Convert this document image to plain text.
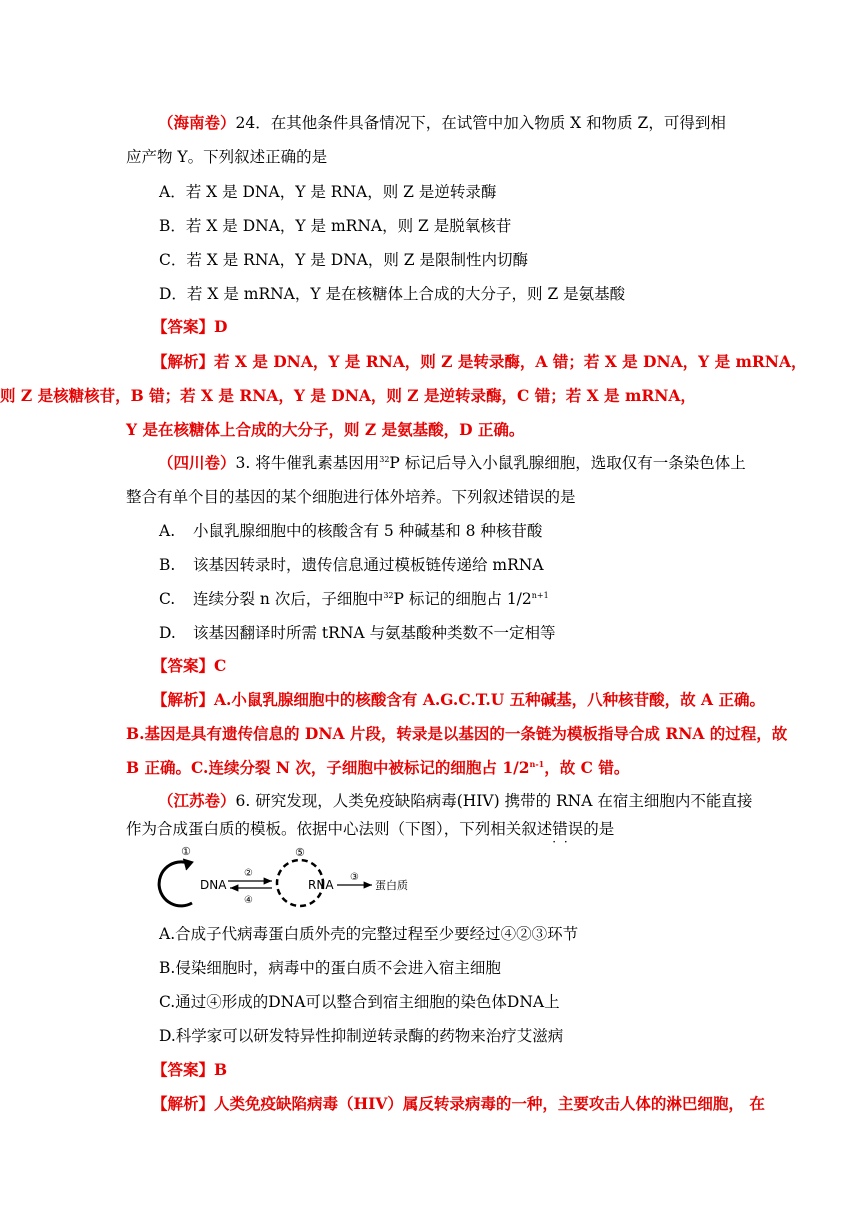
（海南卷）24．在其他条件具备情况下，在试管中加入物质 X 和物质 Z，可得到相
应产物 Y。下列叙述正确的是
A．若 X 是 DNA，Y 是 RNA，则 Z 是逆转录酶
B．若 X 是 DNA，Y 是 mRNA，则 Z 是脱氧核苷
C．若 X 是 RNA，Y 是 DNA，则 Z 是限制性内切酶
D．若 X 是 mRNA，Y 是在核糖体上合成的大分子，则 Z 是氨基酸
【答案】D
【解析】若 X 是 DNA，Y 是 RNA，则 Z 是转录酶，A 错；若 X 是 DNA，Y 是 mRNA，
则 Z 是核糖核苷，B 错；若 X 是 RNA，Y 是 DNA，则 Z 是逆转录酶，C 错；若 X 是 mRNA，
Y 是在核糖体上合成的大分子，则 Z 是氨基酸，D 正确。
（四川卷）3. 将牛催乳素基因用$^{32}$P 标记后导入小鼠乳腺细胞，选取仅有一条染色体上
整合有单个目的基因的某个细胞进行体外培养。下列叙述错误的是
A. 小鼠乳腺细胞中的核酸含有 5 种碱基和 8 种核苷酸
B. 该基因转录时，遗传信息通过模板链传递给 mRNA
C. 连续分裂 n 次后，子细胞中$^{32}$P 标记的细胞占 $1/2^{n+1}$
D. 该基因翻译时所需 tRNA 与氨基酸种类数不一定相等
【答案】C
【解析】A.小鼠乳腺细胞中的核酸含有 A.G.C.T.U 五种碱基，八种核苷酸，故 A 正确。
B.基因是具有遗传信息的 DNA 片段，转录是以基因的一条链为模板指导合成 RNA 的过程，故
B 正确。C.连续分裂 N 次，子细胞中被标记的细胞占 1/2$^{n-1}$，故 C 错。
（江苏卷）6. 研究发现，人类免疫缺陷病毒(HIV) 携带的 RNA 在宿主细胞内不能直接
作为合成蛋白质的模板。依据中心法则（下图），下列相关叙述错误 · ·的是
①
DNA
②
④
⑤
RNA
③
蛋白质
A.合成子代病毒蛋白质外壳的完整过程至少要经过④②③环节
B.侵染细胞时，病毒中的蛋白质不会进入宿主细胞
C.通过④形成的DNA可以整合到宿主细胞的染色体DNA上
D.科学家可以研发特异性抑制逆转录酶的药物来治疗艾滋病
【答案】B
【解析】人类免疫缺陷病毒（HIV）属反转录病毒的一种，主要攻击人体的淋巴细胞， 在
